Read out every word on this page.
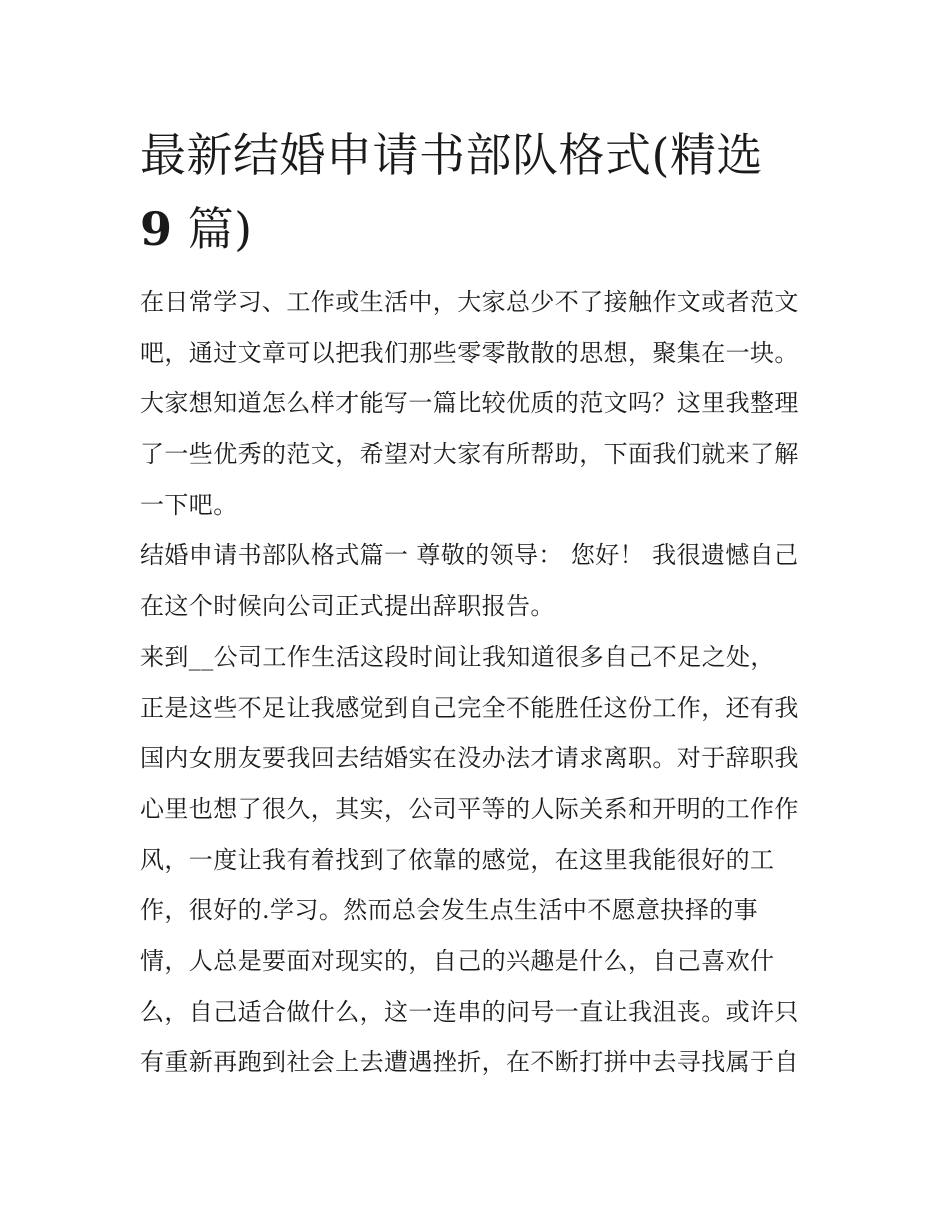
最新结婚申请书部队格式(精选
9 篇)
在日常学习、工作或生活中，大家总少不了接触作文或者范文
吧，通过文章可以把我们那些零零散散的思想，聚集在一块。
大家想知道怎么样才能写一篇比较优质的范文吗？这里我整理
了一些优秀的范文，希望对大家有所帮助，下面我们就来了解
一下吧。
结婚申请书部队格式篇一 尊敬的领导： 您好！ 我很遗憾自己
在这个时候向公司正式提出辞职报告。
来到__公司工作生活这段时间让我知道很多自己不足之处，
正是这些不足让我感觉到自己完全不能胜任这份工作，还有我
国内女朋友要我回去结婚实在没办法才请求离职。对于辞职我
心里也想了很久，其实，公司平等的人际关系和开明的工作作
风，一度让我有着找到了依靠的感觉，在这里我能很好的工
作，很好的.学习。然而总会发生点生活中不愿意抉择的事
情，人总是要面对现实的，自己的兴趣是什么，自己喜欢什
么，自己适合做什么，这一连串的问号一直让我沮丧。或许只
有重新再跑到社会上去遭遇挫折，在不断打拼中去寻找属于自
